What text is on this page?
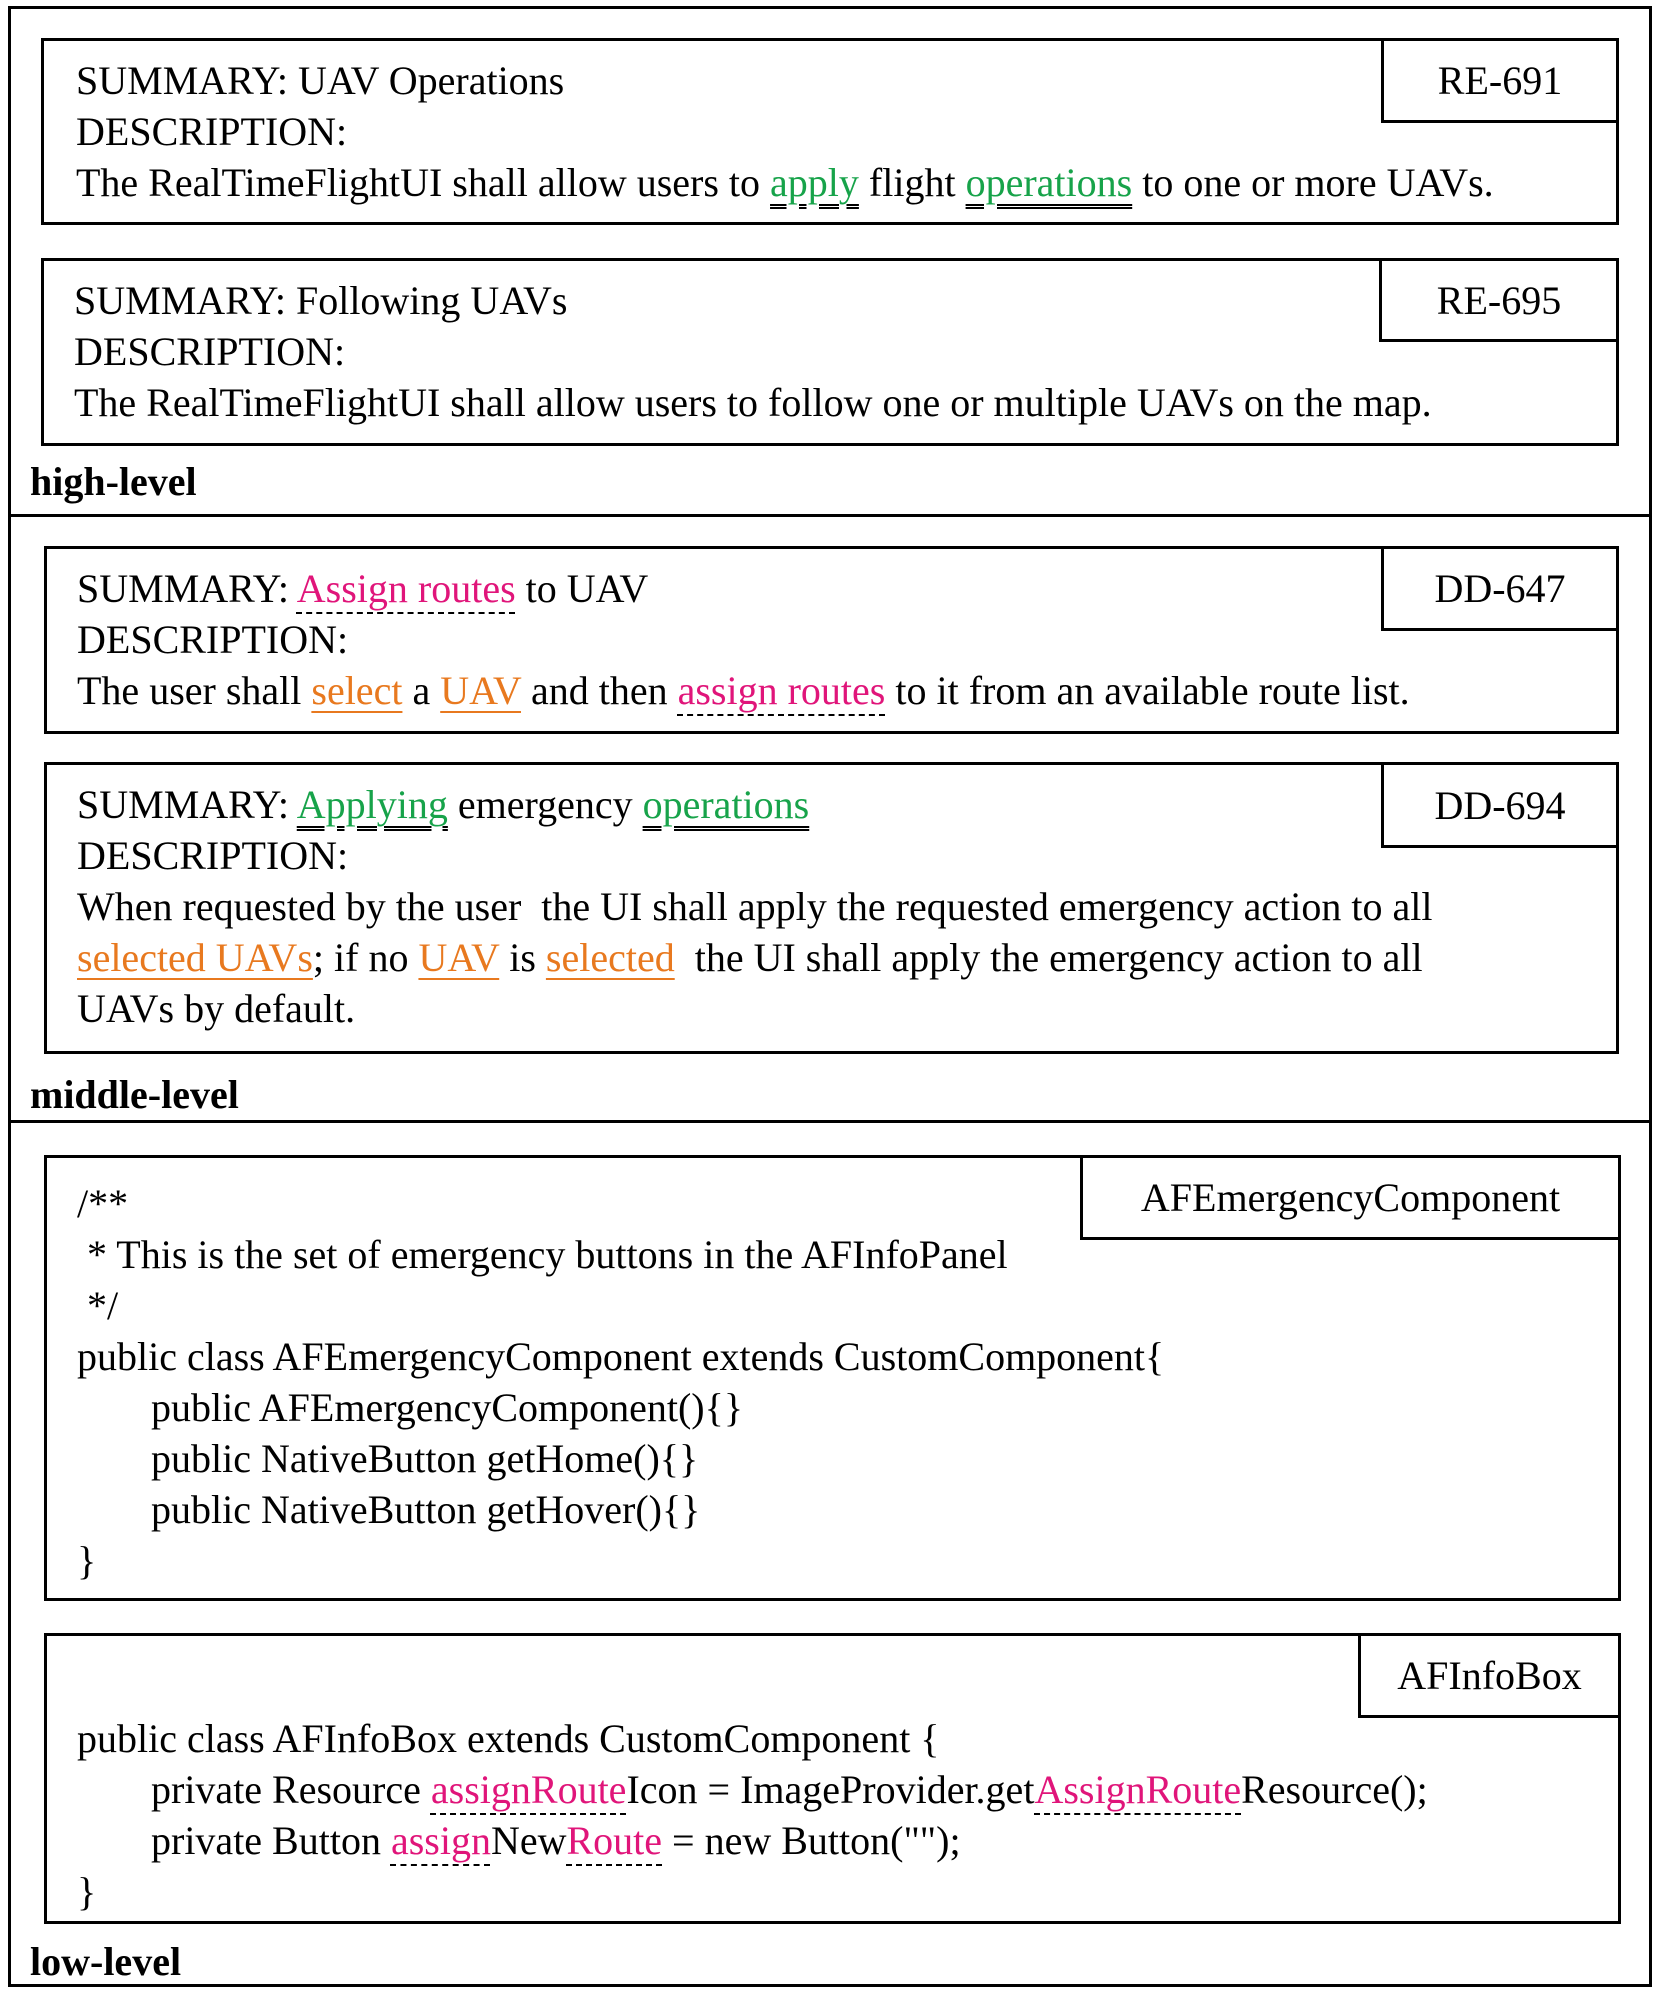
SUMMARY: UAV Operations
DESCRIPTION:
The RealTimeFlightUI shall allow users to apply flight operations to one or more UAVs.
RE-691
SUMMARY: Following UAVs
DESCRIPTION:
The RealTimeFlightUI shall allow users to follow one or multiple UAVs on the map.
RE-695
high-level
SUMMARY: Assign routes to UAV
DESCRIPTION:
The user shall select a UAV and then assign routes to it from an available route list.
DD-647
SUMMARY: Applying emergency operations
DESCRIPTION:
When requested by the user  the UI shall apply the requested emergency action to all
selected UAVs; if no UAV is selected the UI shall apply the emergency action to all
UAVs by default.
DD-694
middle-level
/**
* This is the set of emergency buttons in the AFInfoPanel
*/
public class AFEmergencyComponent extends CustomComponent{
public AFEmergencyComponent(){}
public NativeButton getHome(){}
public NativeButton getHover(){}
}
AFEmergencyComponent
public class AFInfoBox extends CustomComponent {
private Resource assignRouteIcon = ImageProvider.getAssignRouteResource();
private Button assignNewRoute = new Button("");
}
AFInfoBox
low-level
